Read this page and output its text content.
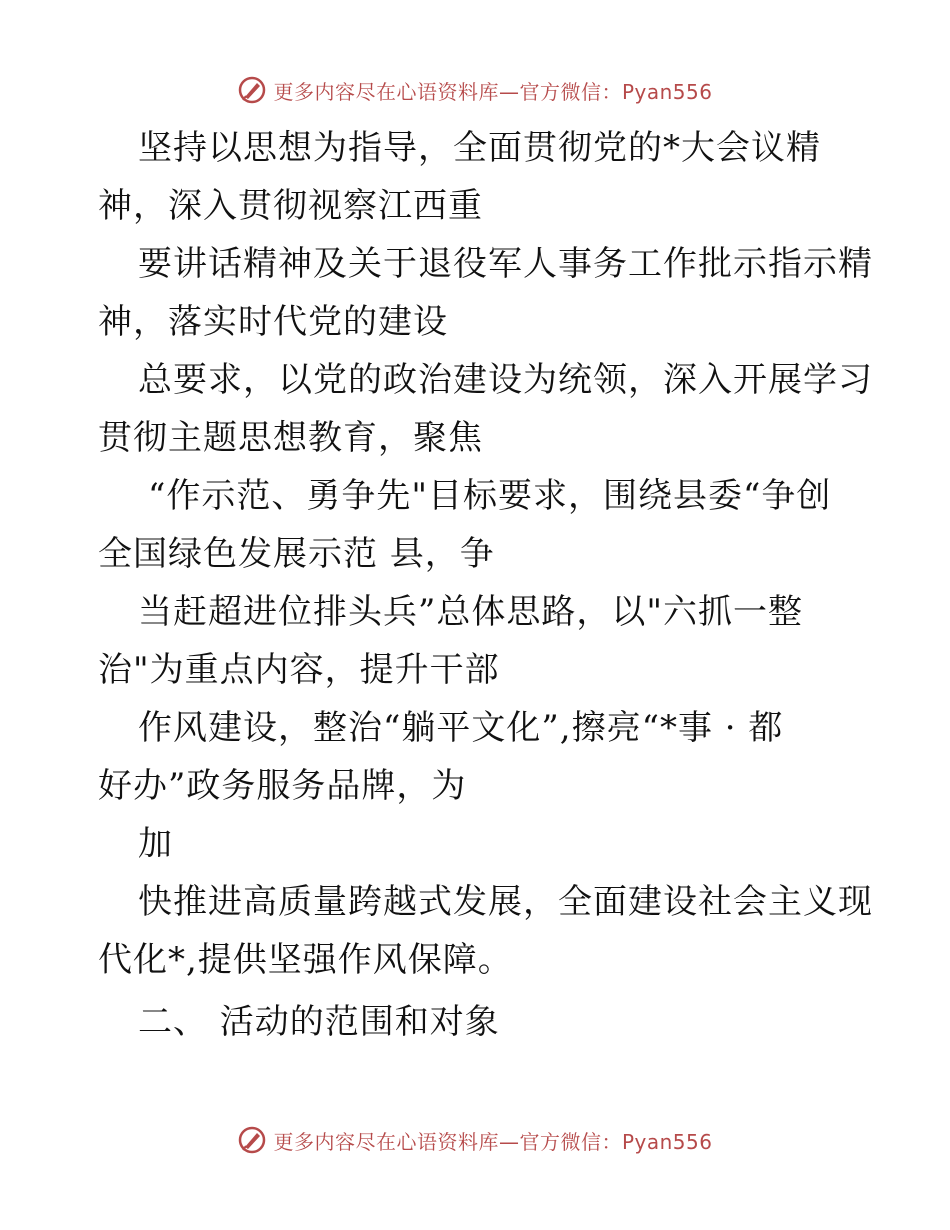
更多内容尽在心语资料库—官方微信：Pyan556
坚持以思想为指导，全面贯彻党的*大会议精
神，深入贯彻视察江西重
要讲话精神及关于退役军人事务工作批示指示精
神，落实时代党的建设
总要求，以党的政治建设为统领，深入开展学习
贯彻主题思想教育，聚焦
“作示范、勇争先"目标要求，围绕县委“争创
全国绿色发展示范 县，争
当赶超进位排头兵”总体思路，以"六抓一整
治"为重点内容，提升干部
作风建设，整治“躺平文化”,擦亮“*事 · 都
好办”政务服务品牌，为
加
快推进高质量跨越式发展，全面建设社会主义现
代化*,提供坚强作风保障。
二、 活动的范围和对象
更多内容尽在心语资料库—官方微信：Pyan556
